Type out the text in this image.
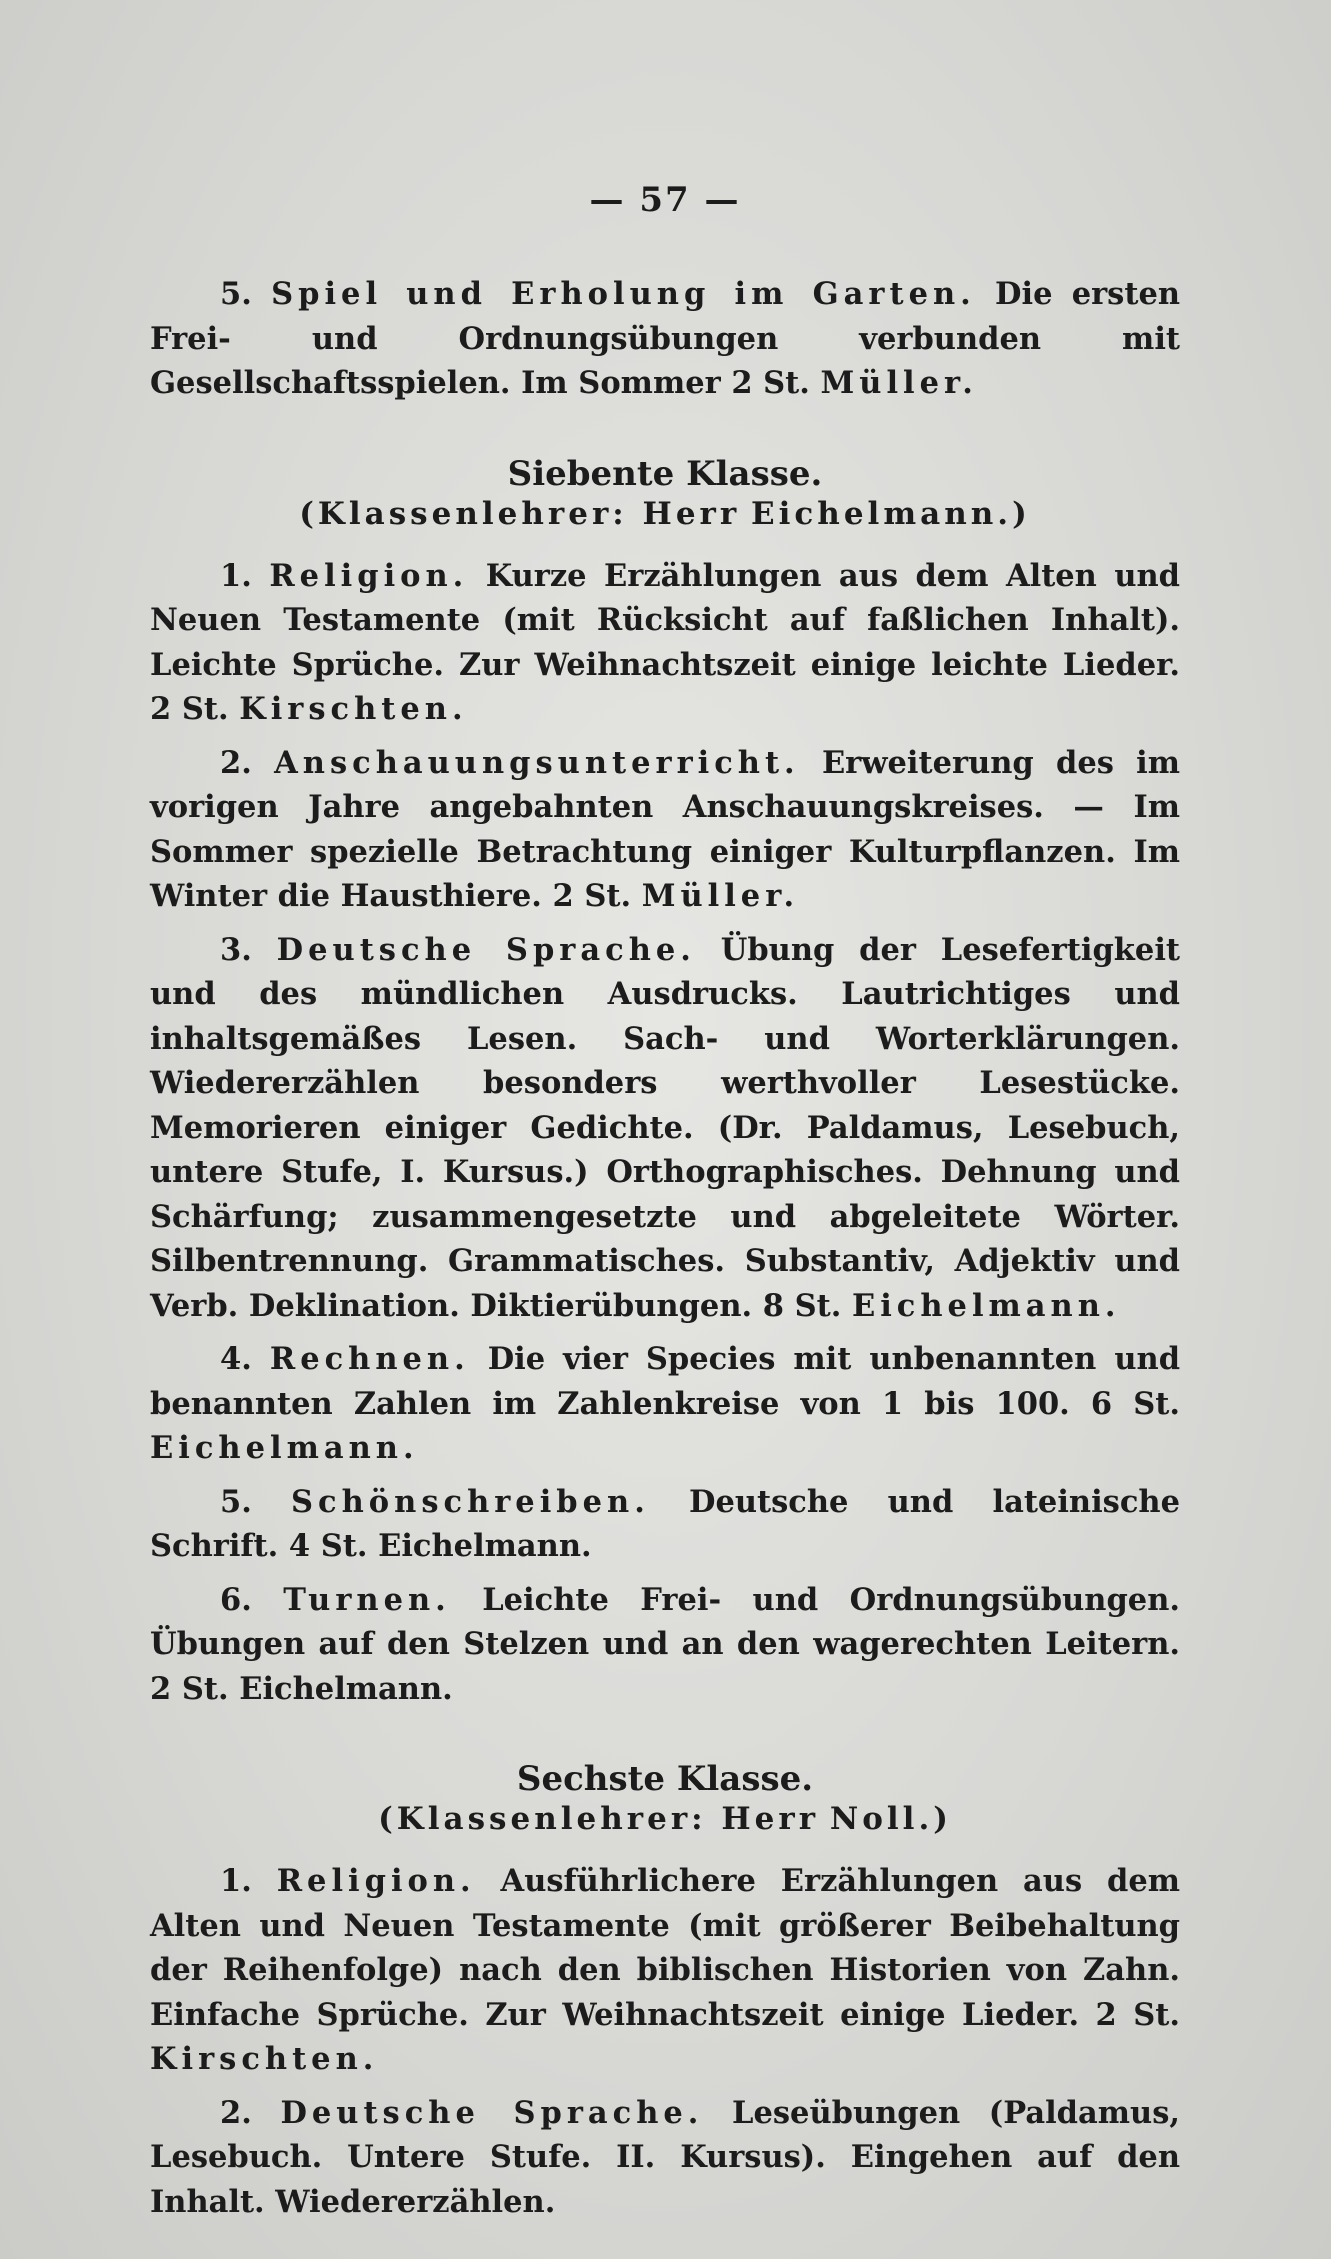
— 57 —

5. Spiel und Erholung im Garten. Die ersten Frei- und Ordnungsübungen verbunden mit Gesellschaftsspielen. Im Sommer 2 St. Müller.

Siebente Klasse.
(Klassenlehrer: Herr Eichelmann.)

1. Religion. Kurze Erzählungen aus dem Alten und Neuen Testamente (mit Rücksicht auf faßlichen Inhalt). Leichte Sprüche. Zur Weihnachtszeit einige leichte Lieder. 2 St. Kirschten.

2. Anschauungsunterricht. Erweiterung des im vorigen Jahre angebahnten Anschauungskreises. — Im Sommer spezielle Betrachtung einiger Kulturpflanzen. Im Winter die Hausthiere. 2 St. Müller.

3. Deutsche Sprache. Übung der Lesefertigkeit und des mündlichen Ausdrucks. Lautrichtiges und inhaltsgemäßes Lesen. Sach- und Worterklärungen. Wiedererzählen besonders werthvoller Lesestücke. Memorieren einiger Gedichte. (Dr. Paldamus, Lesebuch, untere Stufe, I. Kursus.) Orthographisches. Dehnung und Schärfung; zusammengesetzte und abgeleitete Wörter. Silbentrennung. Grammatisches. Substantiv, Adjektiv und Verb. Deklination. Diktierübungen. 8 St. Eichelmann.

4. Rechnen. Die vier Species mit unbenannten und benannten Zahlen im Zahlenkreise von 1 bis 100. 6 St. Eichelmann.

5. Schönschreiben. Deutsche und lateinische Schrift. 4 St. Eichelmann.

6. Turnen. Leichte Frei- und Ordnungsübungen. Übungen auf den Stelzen und an den wagerechten Leitern. 2 St. Eichelmann.

Sechste Klasse.
(Klassenlehrer: Herr Noll.)

1. Religion. Ausführlichere Erzählungen aus dem Alten und Neuen Testamente (mit größerer Beibehaltung der Reihenfolge) nach den biblischen Historien von Zahn. Einfache Sprüche. Zur Weihnachtszeit einige Lieder. 2 St. Kirschten.

2. Deutsche Sprache. Leseübungen (Paldamus, Lesebuch. Untere Stufe. II. Kursus). Eingehen auf den Inhalt. Wiedererzählen.
